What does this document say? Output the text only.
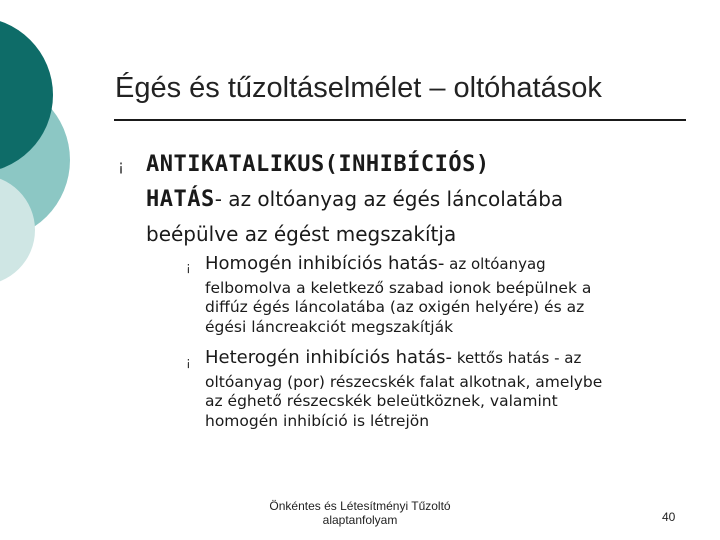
Égés és tűzoltáselmélet – oltóhatások
¡ ANTIKATALIKUS(INHIBÍCIÓS)
HATÁS- az oltóanyag az égés láncolatába
beépülve az égést megszakítja
¡ Homogén inhibíciós hatás- az oltóanyag
felbomolva a keletkező szabad ionok beépülnek a
diffúz égés láncolatába (az oxigén helyére) és az
égési láncreakciót megszakítják
¡ Heterogén inhibíciós hatás- kettős hatás - az
oltóanyag (por) részecskék falat alkotnak, amelybe
az éghető részecskék beleütköznek, valamint
homogén inhibíció is létrejön
Önkéntes és Létesítményi Tűzoltó
alaptanfolyam	40
